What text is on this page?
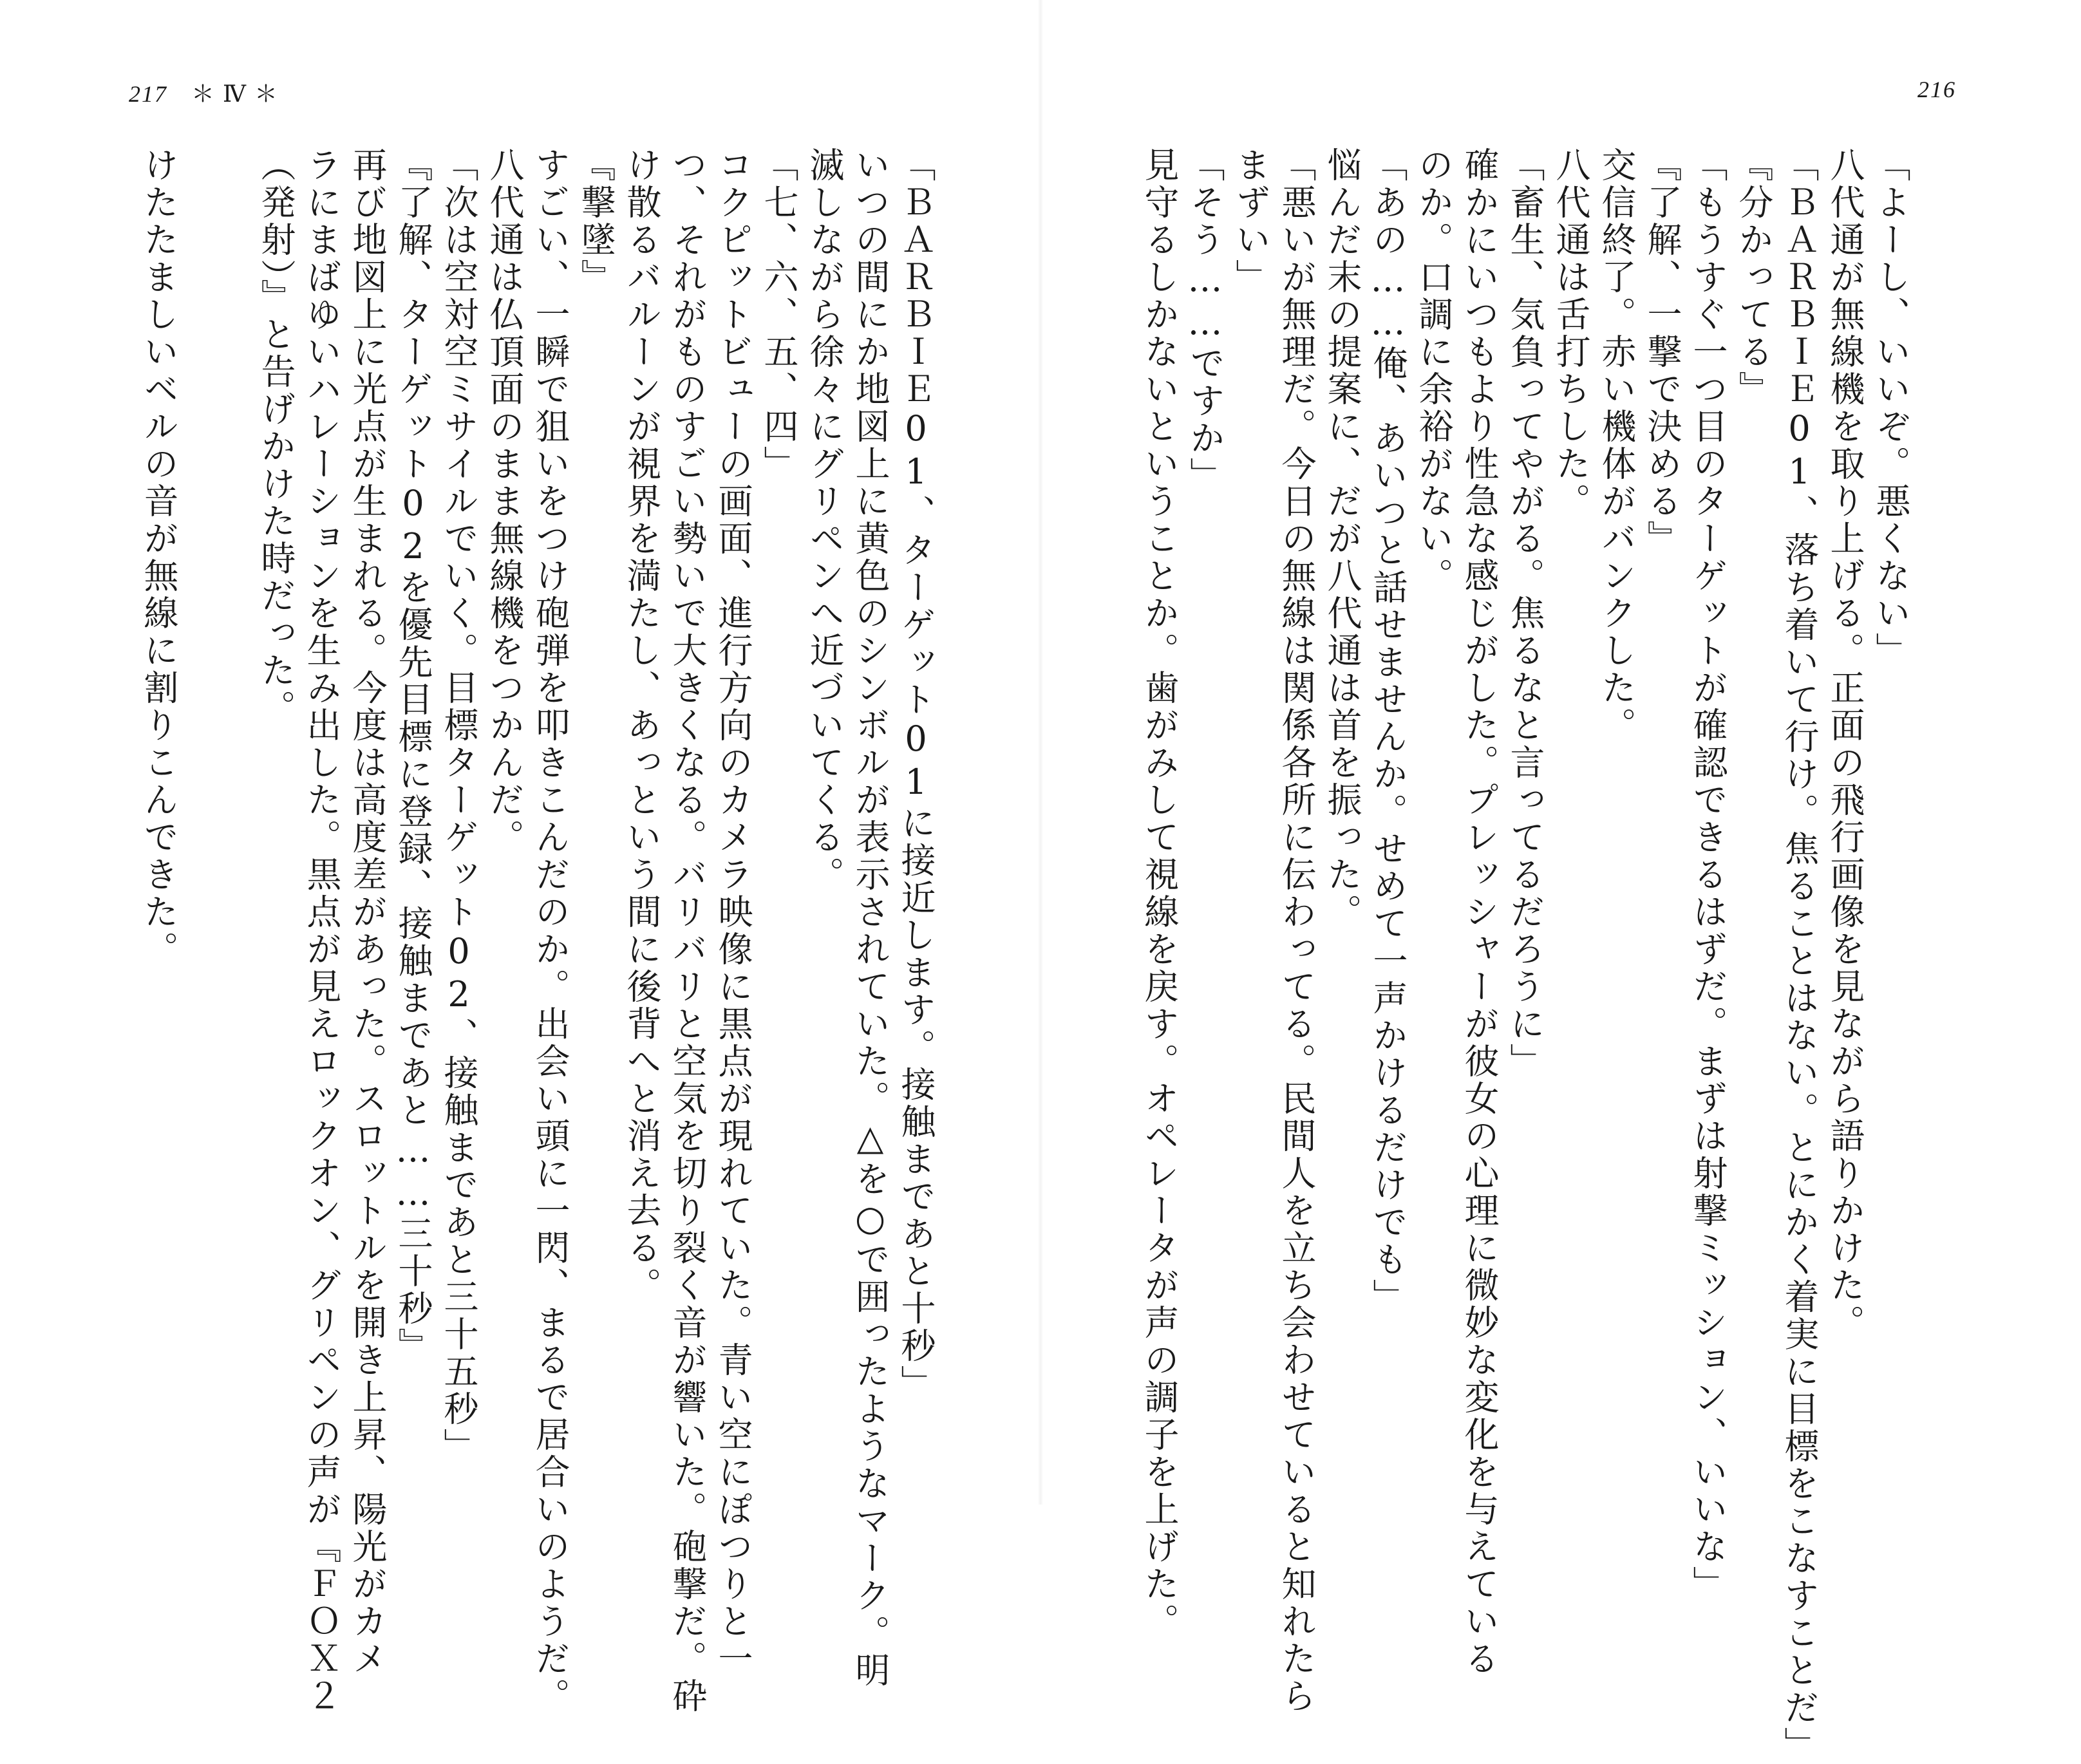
217 ＊ Ⅳ ＊	216
「よーし、いいぞ。悪くない」
八代通が無線機を取り上げる。正面の飛行画像を見ながら語りかけた。
「ＢＡＲＢＩＥ01、落ち着いて行け。焦ることはない。とにかく着実に目標をこなすことだ」
『分かってる』
「もうすぐ一つ目のターゲットが確認できるはずだ。まずは射撃ミッション、いいな」
『了解、一撃で決める』
交信終了。赤い機体がバンクした。
八代通は舌打ちした。
「畜生、気負ってやがる。焦るなと言ってるだろうに」
確かにいつもより性急な感じがした。プレッシャーが彼女の心理に微妙な変化を与えている
のか。口調に余裕がない。
「あの……俺、あいつと話せませんか。せめて一声かけるだけでも」
悩んだ末の提案に、だが八代通は首を振った。
「悪いが無理だ。今日の無線は関係各所に伝わってる。民間人を立ち会わせていると知れたら
まずい」
「そう……ですか」
見守るしかないということか。歯がみして視線を戻す。オペレータが声の調子を上げた。
「ＢＡＲＢＩＥ01、ターゲット01に接近します。接触まであと十秒」
いつの間にか地図上に黄色のシンボルが表示されていた。△を○で囲ったようなマーク。明
滅しながら徐々にグリペンへ近づいてくる。
「七、六、五、四」
コクピットビューの画面、進行方向のカメラ映像に黒点が現れていた。青い空にぽつりと一
つ、それがものすごい勢いで大きくなる。バリバリと空気を切り裂く音が響いた。砲撃だ。砕
け散るバルーンが視界を満たし、あっという間に後背へと消え去る。
『撃墜』
すごい、一瞬で狙いをつけ砲弾を叩きこんだのか。出会い頭に一閃、まるで居合いのようだ。
八代通は仏頂面のまま無線機をつかんだ。
「次は空対空ミサイルでいく。目標ターゲット02、接触まであと三十五秒」
『了解、ターゲット02を優先目標に登録、接触まであと……三十秒』
再び地図上に光点が生まれる。今度は高度差があった。スロットルを開き上昇、陽光がカメ
ラにまばゆいハレーションを生み出した。黒点が見えロックオン、グリペンの声が『ＦＯＸ２
（発射）』と告げかけた時だった。
けたたましいベルの音が無線に割りこんできた。
